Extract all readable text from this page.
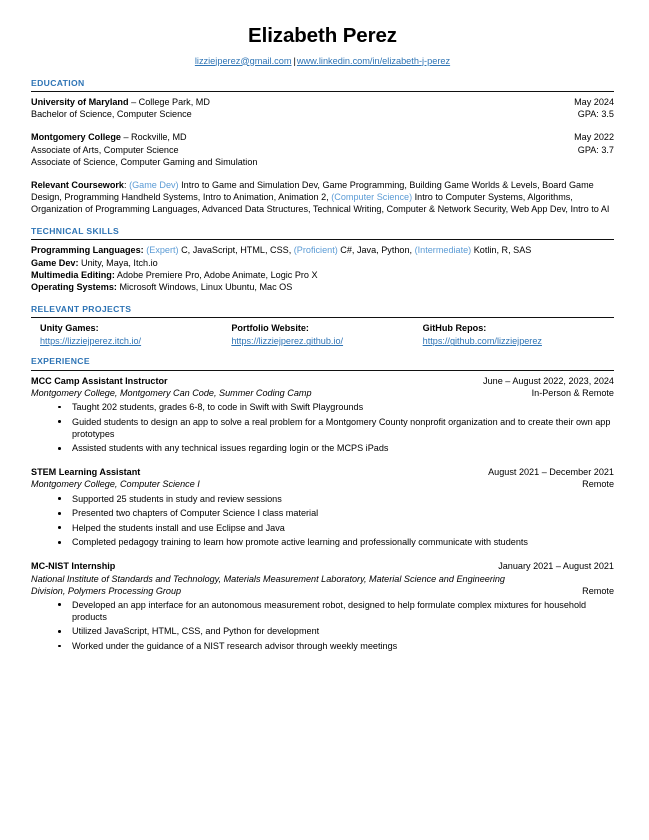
Elizabeth Perez
lizziejperez@gmail.com |www.linkedin.com/in/elizabeth-j-perez
EDUCATION
University of Maryland – College Park, MD	May 2024
Bachelor of Science, Computer Science	GPA: 3.5
Montgomery College – Rockville, MD	May 2022
Associate of Arts, Computer Science	GPA: 3.7
Associate of Science, Computer Gaming and Simulation

Relevant Coursework: (Game Dev) Intro to Game and Simulation Dev, Game Programming, Building Game Worlds & Levels, Board Game Design, Programming Handheld Systems, Intro to Animation, Animation 2, (Computer Science) Intro to Computer Systems, Algorithms, Organization of Programming Languages, Advanced Data Structures, Technical Writing, Computer & Network Security, Web App Dev, Intro to AI

TECHNICAL SKILLS

Programming Languages: (Expert) C, JavaScript, HTML, CSS, (Proficient) C#, Java, Python, (Intermediate) Kotlin, R, SAS

Game Dev: Unity, Maya, Itch.io

Multimedia Editing: Adobe Premiere Pro, Adobe Animate, Logic Pro X

Operating Systems: Microsoft Windows, Linux Ubuntu, Mac OS

RELEVANT PROJECTS
Unity Games:
https://lizziejperez.itch.io/
Portfolio Website:
https://lizziejperez.github.io/
GitHub Repos:
https://github.com/lizziejperez
EXPERIENCE
MCC Camp Assistant Instructor	June – August 2022, 2023, 2024
Montgomery College, Montgomery Can Code, Summer Coding Camp	In-Person & Remote
Taught 202 students, grades 6-8, to code in Swift with Swift Playgrounds
Guided students to design an app to solve a real problem for a Montgomery County nonprofit organization and to create their own app prototypes
Assisted students with any technical issues regarding login or the MCPS iPads
STEM Learning Assistant	August 2021 – December 2021
Montgomery College, Computer Science I	Remote
Supported 25 students in study and review sessions
Presented two chapters of Computer Science I class material
Helped the students install and use Eclipse and Java
Completed pedagogy training to learn how promote active learning and professionally communicate with students
MC-NIST Internship	January 2021 – August 2021
National Institute of Standards and Technology, Materials Measurement Laboratory, Material Science and Engineering
Division, Polymers Processing Group	Remote
Developed an app interface for an autonomous measurement robot, designed to help formulate complex mixtures for household products
Utilized JavaScript, HTML, CSS, and Python for development
Worked under the guidance of a NIST research advisor through weekly meetings
